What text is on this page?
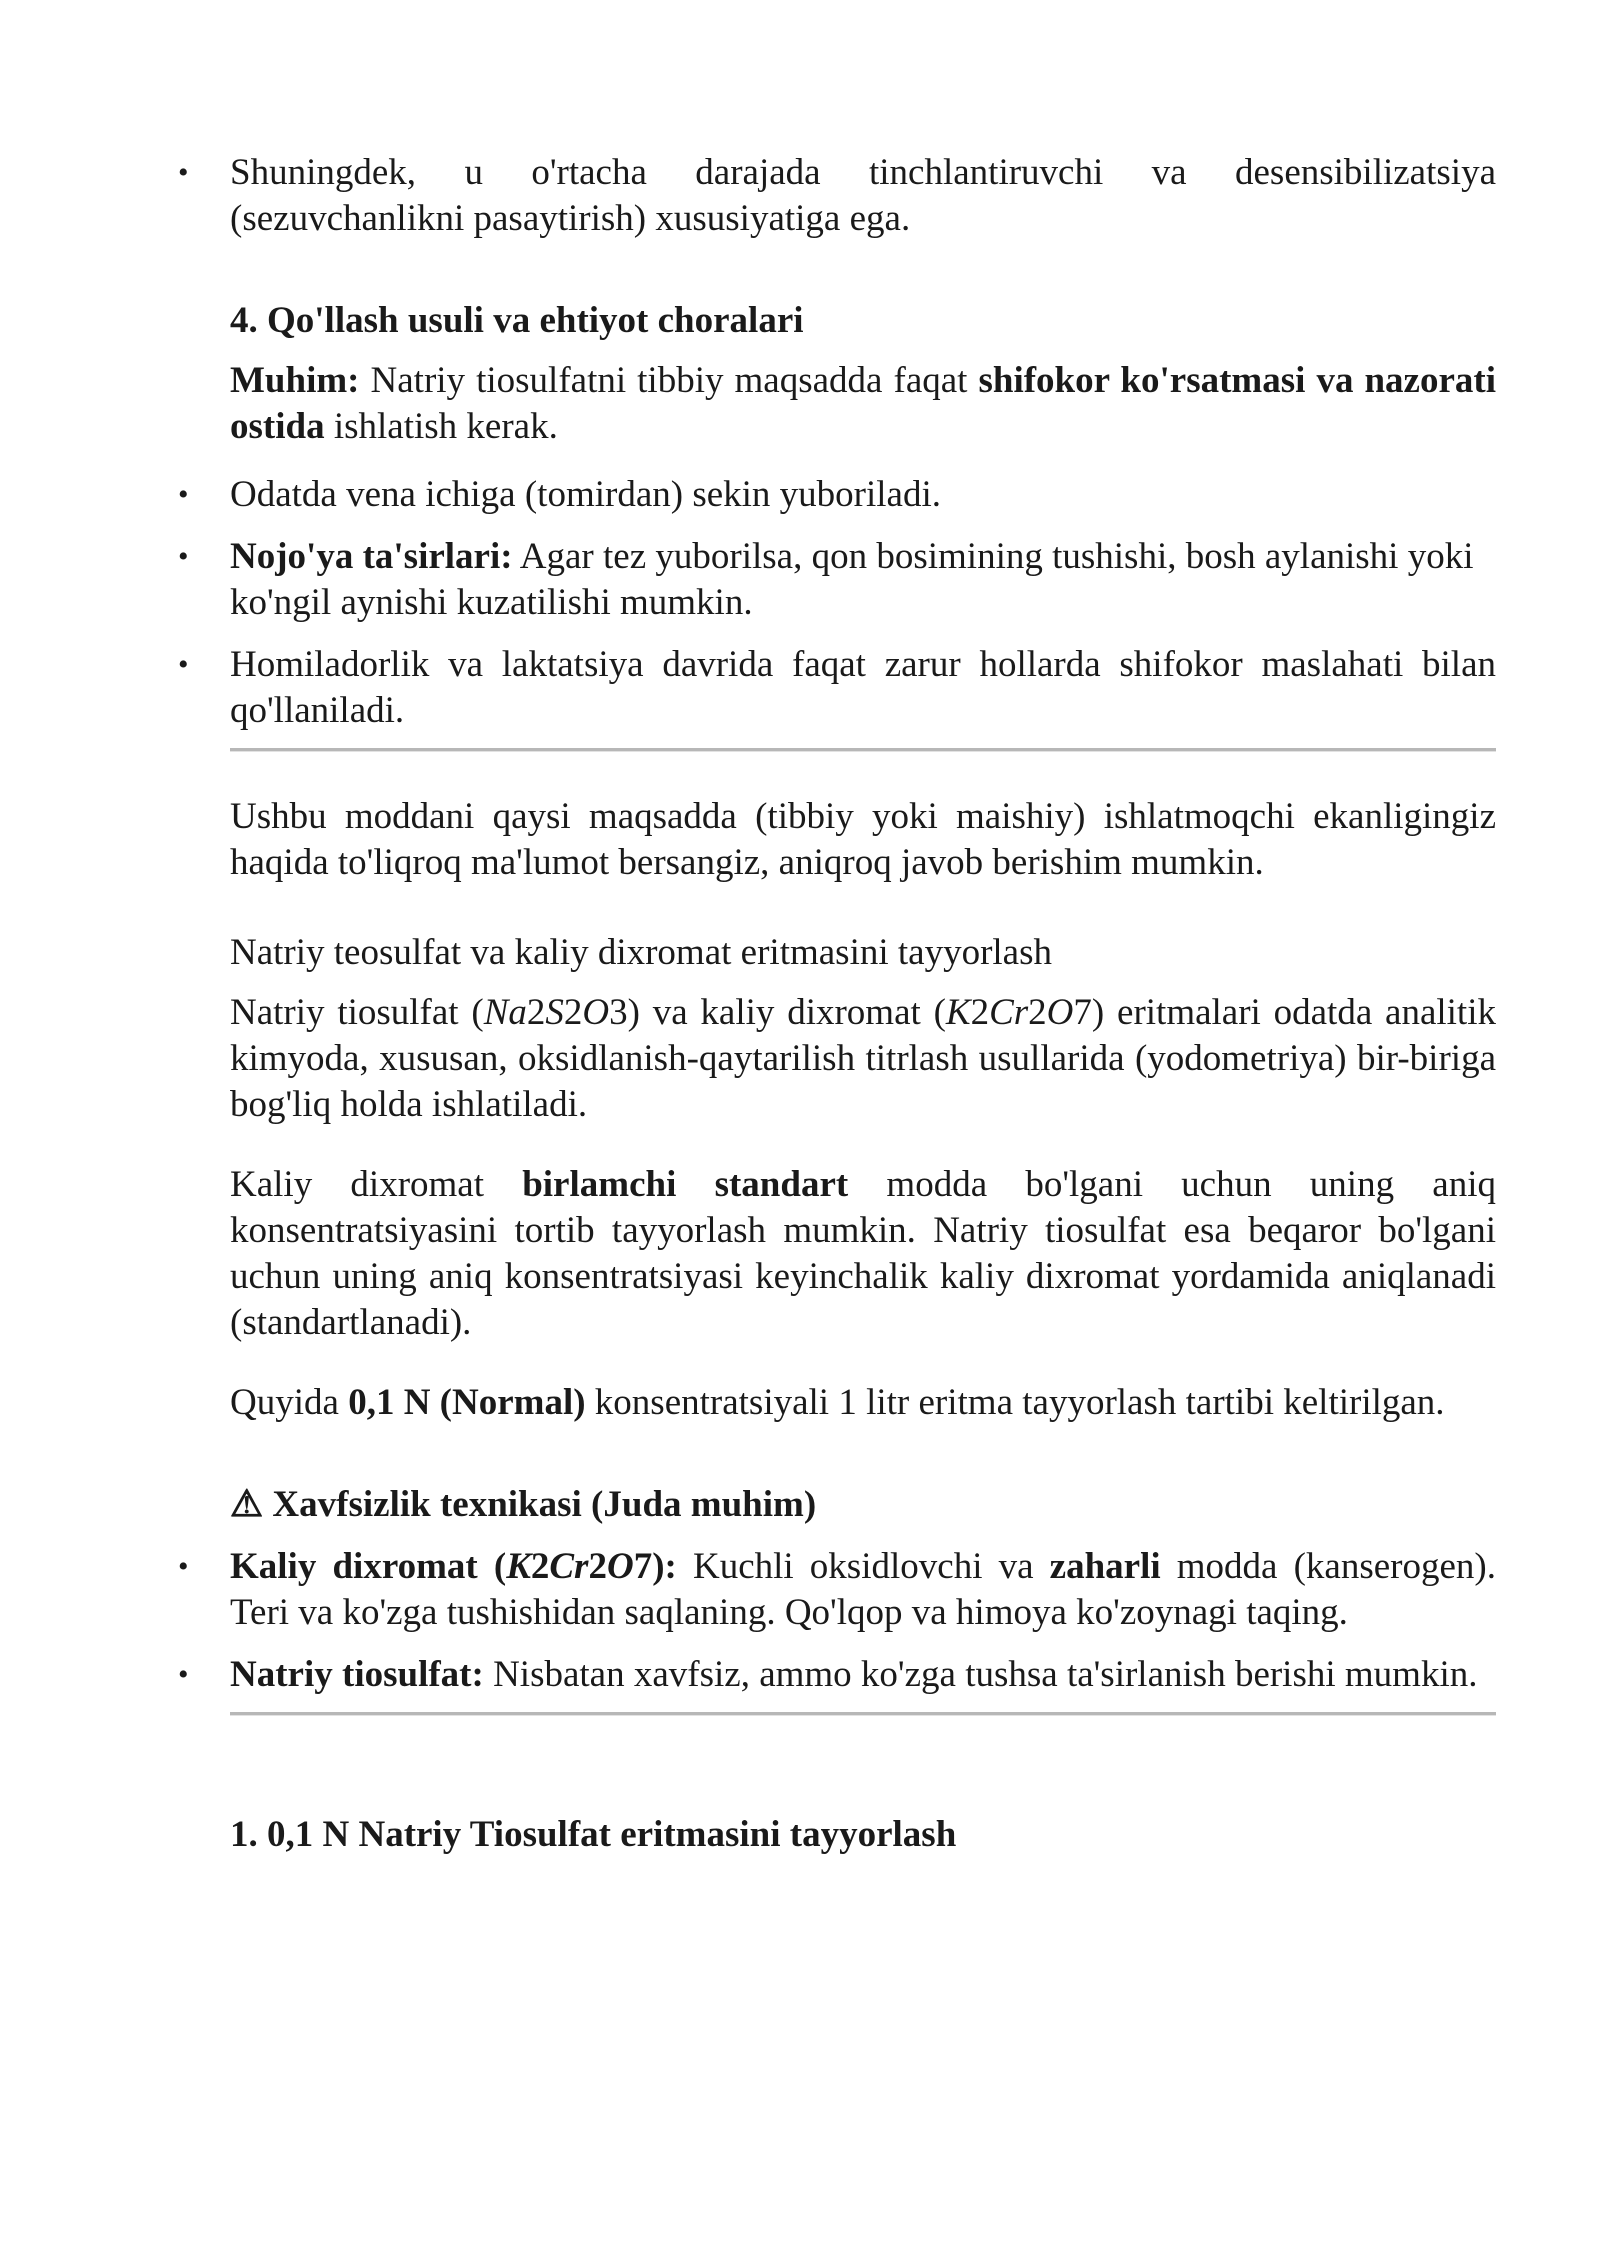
• Shuningdek, u o'rtacha darajada tinchlantiruvchi va desensibilizatsiya (sezuvchanlikni pasaytirish) xususiyatiga ega.
4. Qo'llash usuli va ehtiyot choralari

Muhim: Natriy tiosulfatni tibbiy maqsadda faqat shifokor ko'rsatmasi va nazorati ostida ishlatish kerak.

• Odatda vena ichiga (tomirdan) sekin yuboriladi.
• Nojo'ya ta'sirlari: Agar tez yuborilsa, qon bosimining tushishi, bosh aylanishi yoki ko'ngil aynishi kuzatilishi mumkin.
• Homiladorlik va laktatsiya davrida faqat zarur hollarda shifokor maslahati bilan qo'llaniladi.

Ushbu moddani qaysi maqsadda (tibbiy yoki maishiy) ishlatmoqchi ekanligingiz haqida to'liqroq ma'lumot bersangiz, aniqroq javob berishim mumkin.

Natriy teosulfat va kaliy dixromat eritmasini tayyorlash

Natriy tiosulfat (Na2S2O3) va kaliy dixromat (K2Cr2O7) eritmalari odatda analitik kimyoda, xususan, oksidlanish-qaytarilish titrlash usullarida (yodometriya) bir-biriga bog'liq holda ishlatiladi.

Kaliy dixromat birlamchi standart modda bo'lgani uchun uning aniq konsentratsiyasini tortib tayyorlash mumkin. Natriy tiosulfat esa beqaror bo'lgani uchun uning aniq konsentratsiyasi keyinchalik kaliy dixromat yordamida aniqlanadi (standartlanadi).

Quyida 0,1 N (Normal) konsentratsiyali 1 litr eritma tayyorlash tartibi keltirilgan.

⚠ Xavfsizlik texnikasi (Juda muhim)
• Kaliy dixromat (K2Cr2O7): Kuchli oksidlovchi va zaharli modda (kanserogen). Teri va ko'zga tushishidan saqlaning. Qo'lqop va himoya ko'zoynagi taqing.
• Natriy tiosulfat: Nisbatan xavfsiz, ammo ko'zga tushsa ta'sirlanish berishi mumkin.
1. 0,1 N Natriy Tiosulfat eritmasini tayyorlash
